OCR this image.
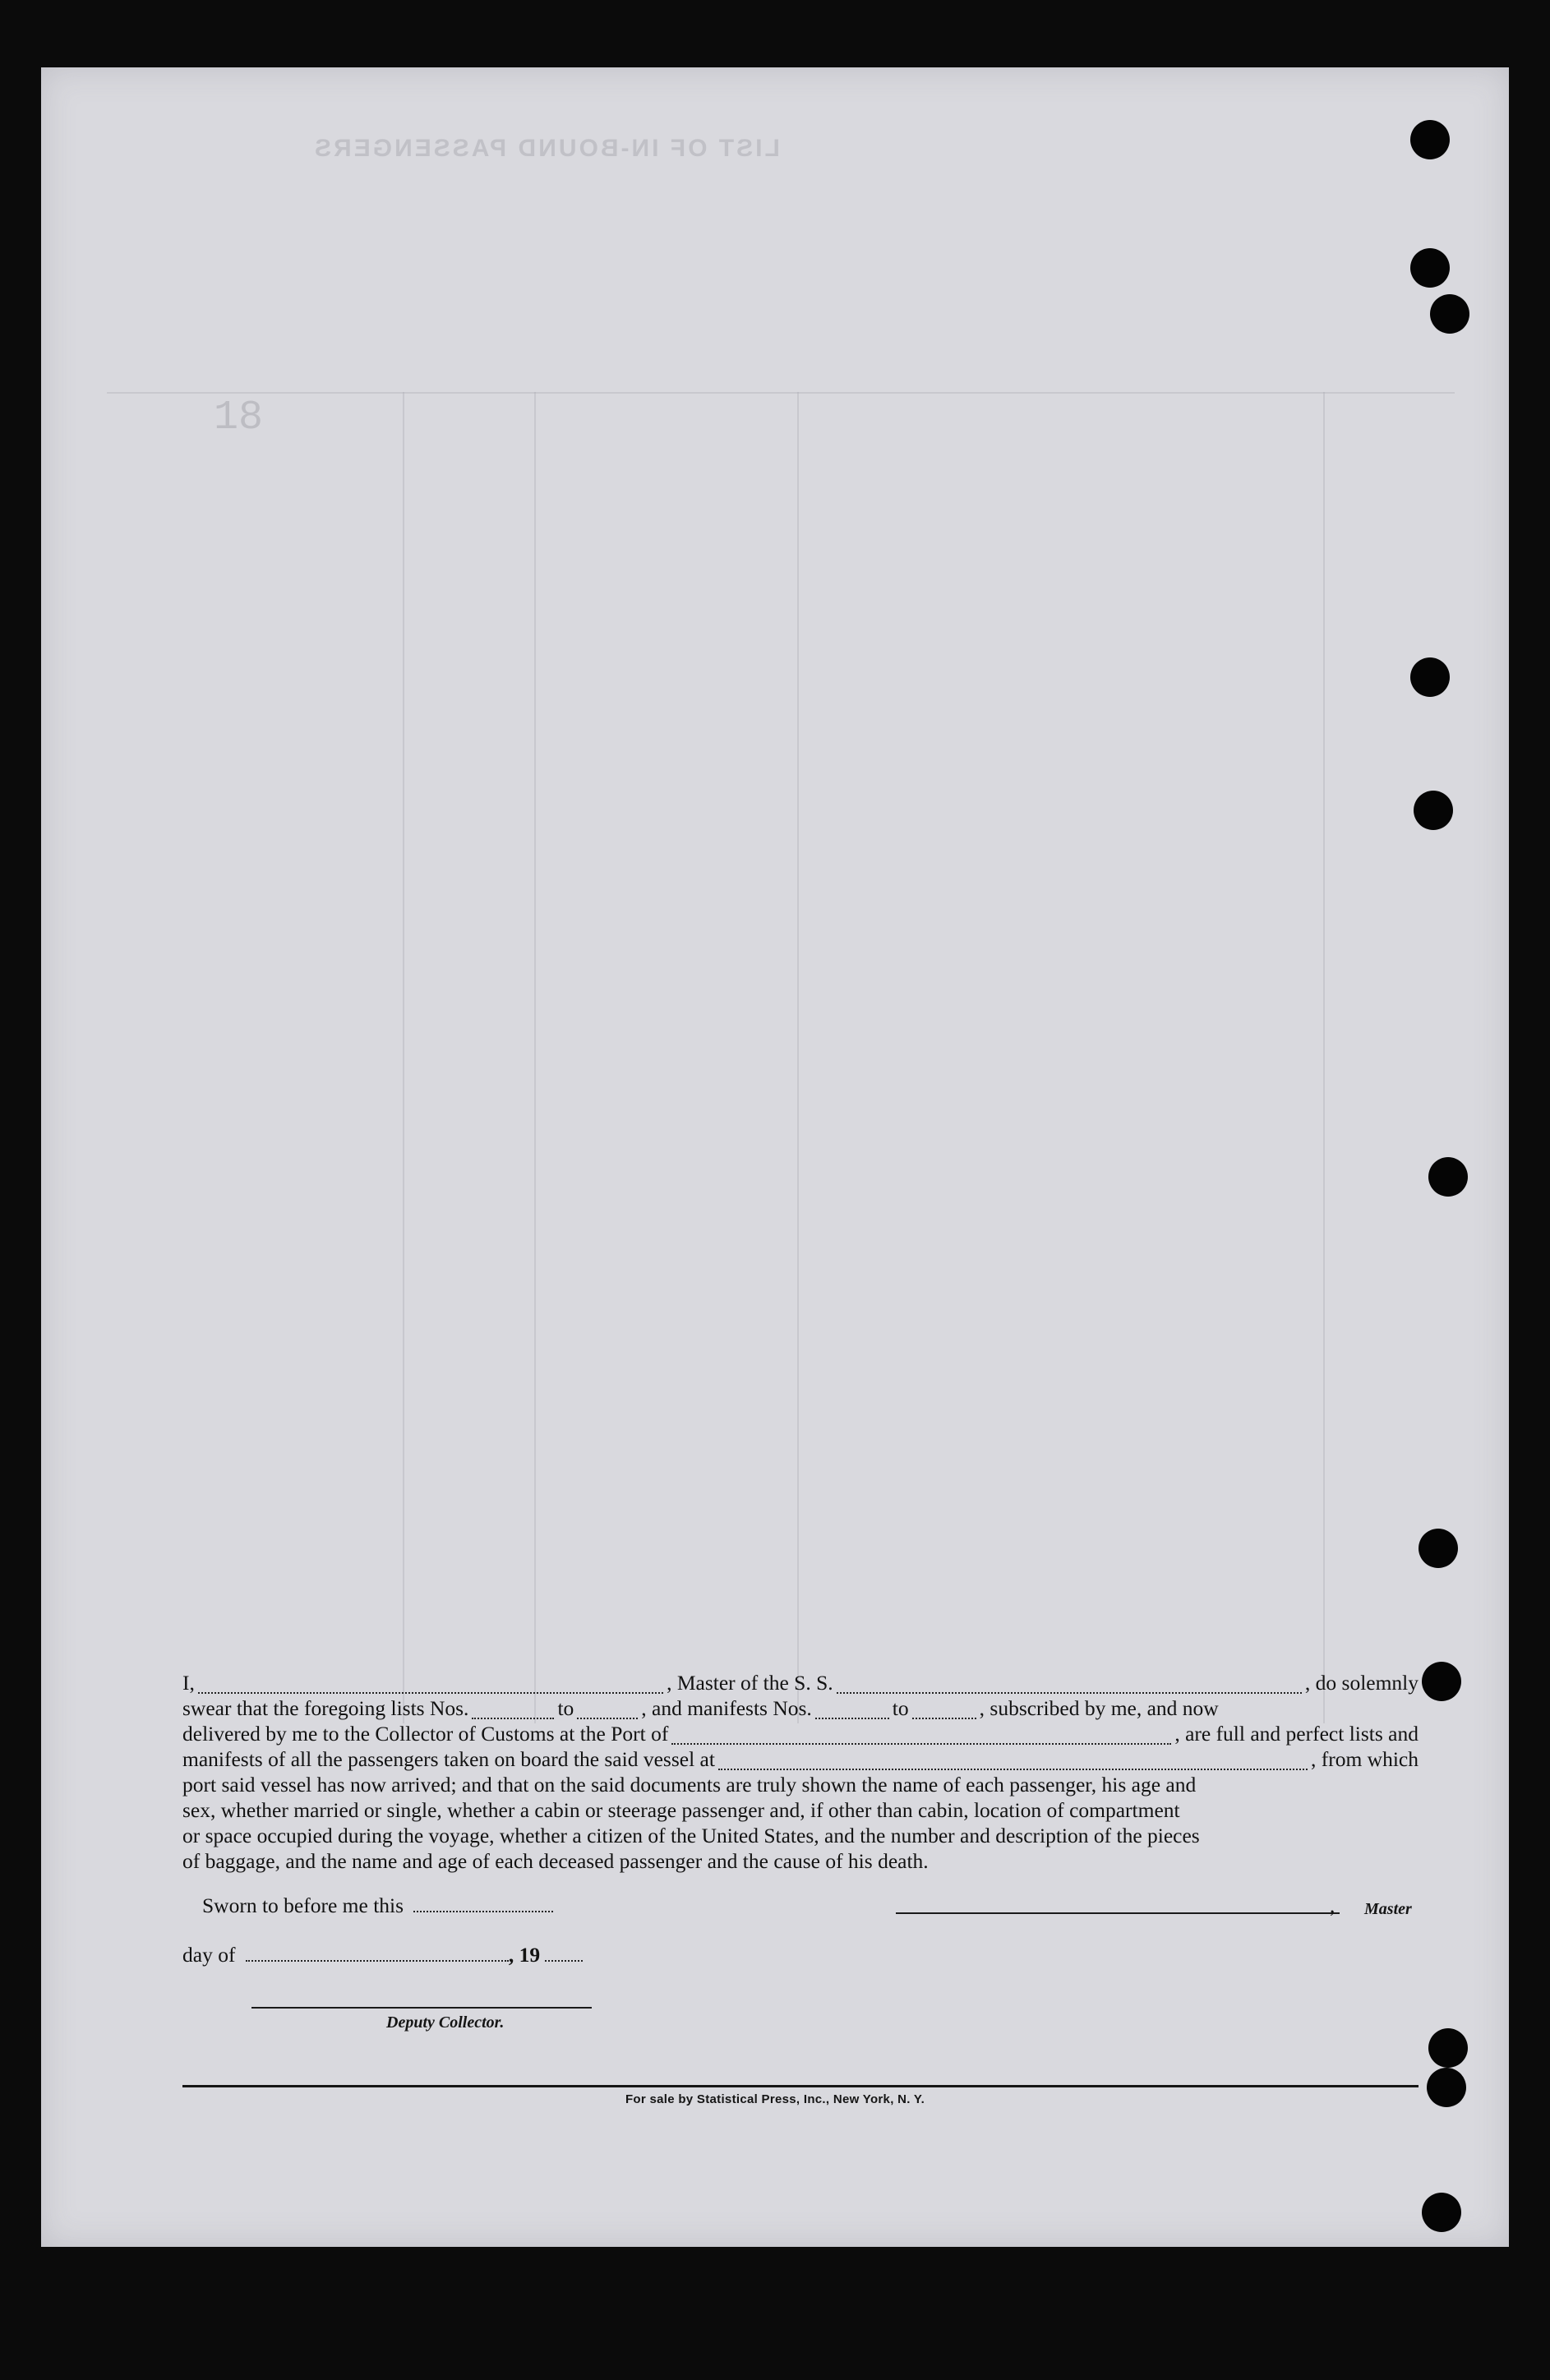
LIST OF IN-BOUND PASSENGERS
18
I,	, Master of the S. S.	, do solemnly
swear that the foregoing lists Nos.	to	, and manifests Nos.	to	, subscribed by me, and now
delivered by me to the Collector of Customs at the Port of	, are full and perfect lists and
manifests of all the passengers taken on board the said vessel at	, from which
port said vessel has now arrived; and that on the said documents are truly shown the name of each passenger, his age and
sex, whether married or single, whether a cabin or steerage passenger and, if other than cabin, location of compartment
or space occupied during the voyage, whether a citizen of the United States, and the number and description of the pieces
of baggage, and the name and age of each deceased passenger and the cause of his death.
Sworn to before me this	, Master
day of	, 19
Deputy Collector.
For sale by Statistical Press, Inc., New York, N. Y.
